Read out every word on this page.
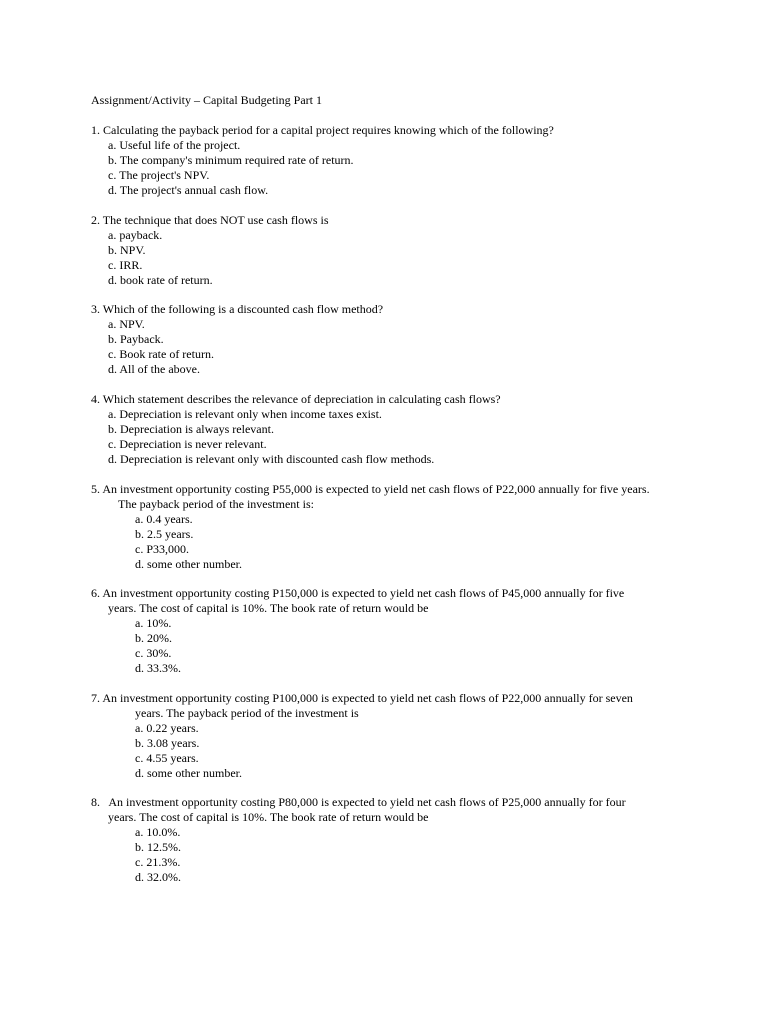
Assignment/Activity – Capital Budgeting Part 1
1. Calculating the payback period for a capital project requires knowing which of the following?
a. Useful life of the project.
b. The company's minimum required rate of return.
c. The project's NPV.
d. The project's annual cash flow.
2. The technique that does NOT use cash flows is
a. payback.
b. NPV.
c. IRR.
d. book rate of return.
3. Which of the following is a discounted cash flow method?
a. NPV.
b. Payback.
c. Book rate of return.
d. All of the above.
4. Which statement describes the relevance of depreciation in calculating cash flows?
a. Depreciation is relevant only when income taxes exist.
b. Depreciation is always relevant.
c. Depreciation is never relevant.
d. Depreciation is relevant only with discounted cash flow methods.
5. An investment opportunity costing P55,000 is expected to yield net cash flows of P22,000 annually for five years.
The payback period of the investment is:
a. 0.4 years.
b. 2.5 years.
c. P33,000.
d. some other number.
6. An investment opportunity costing P150,000 is expected to yield net cash flows of P45,000 annually for five
years. The cost of capital is 10%. The book rate of return would be
a. 10%.
b. 20%.
c. 30%.
d. 33.3%.
7. An investment opportunity costing P100,000 is expected to yield net cash flows of P22,000 annually for seven
years. The payback period of the investment is
a. 0.22 years.
b. 3.08 years.
c. 4.55 years.
d. some other number.
8.   An investment opportunity costing P80,000 is expected to yield net cash flows of P25,000 annually for four
years. The cost of capital is 10%. The book rate of return would be
a. 10.0%.
b. 12.5%.
c. 21.3%.
d. 32.0%.
